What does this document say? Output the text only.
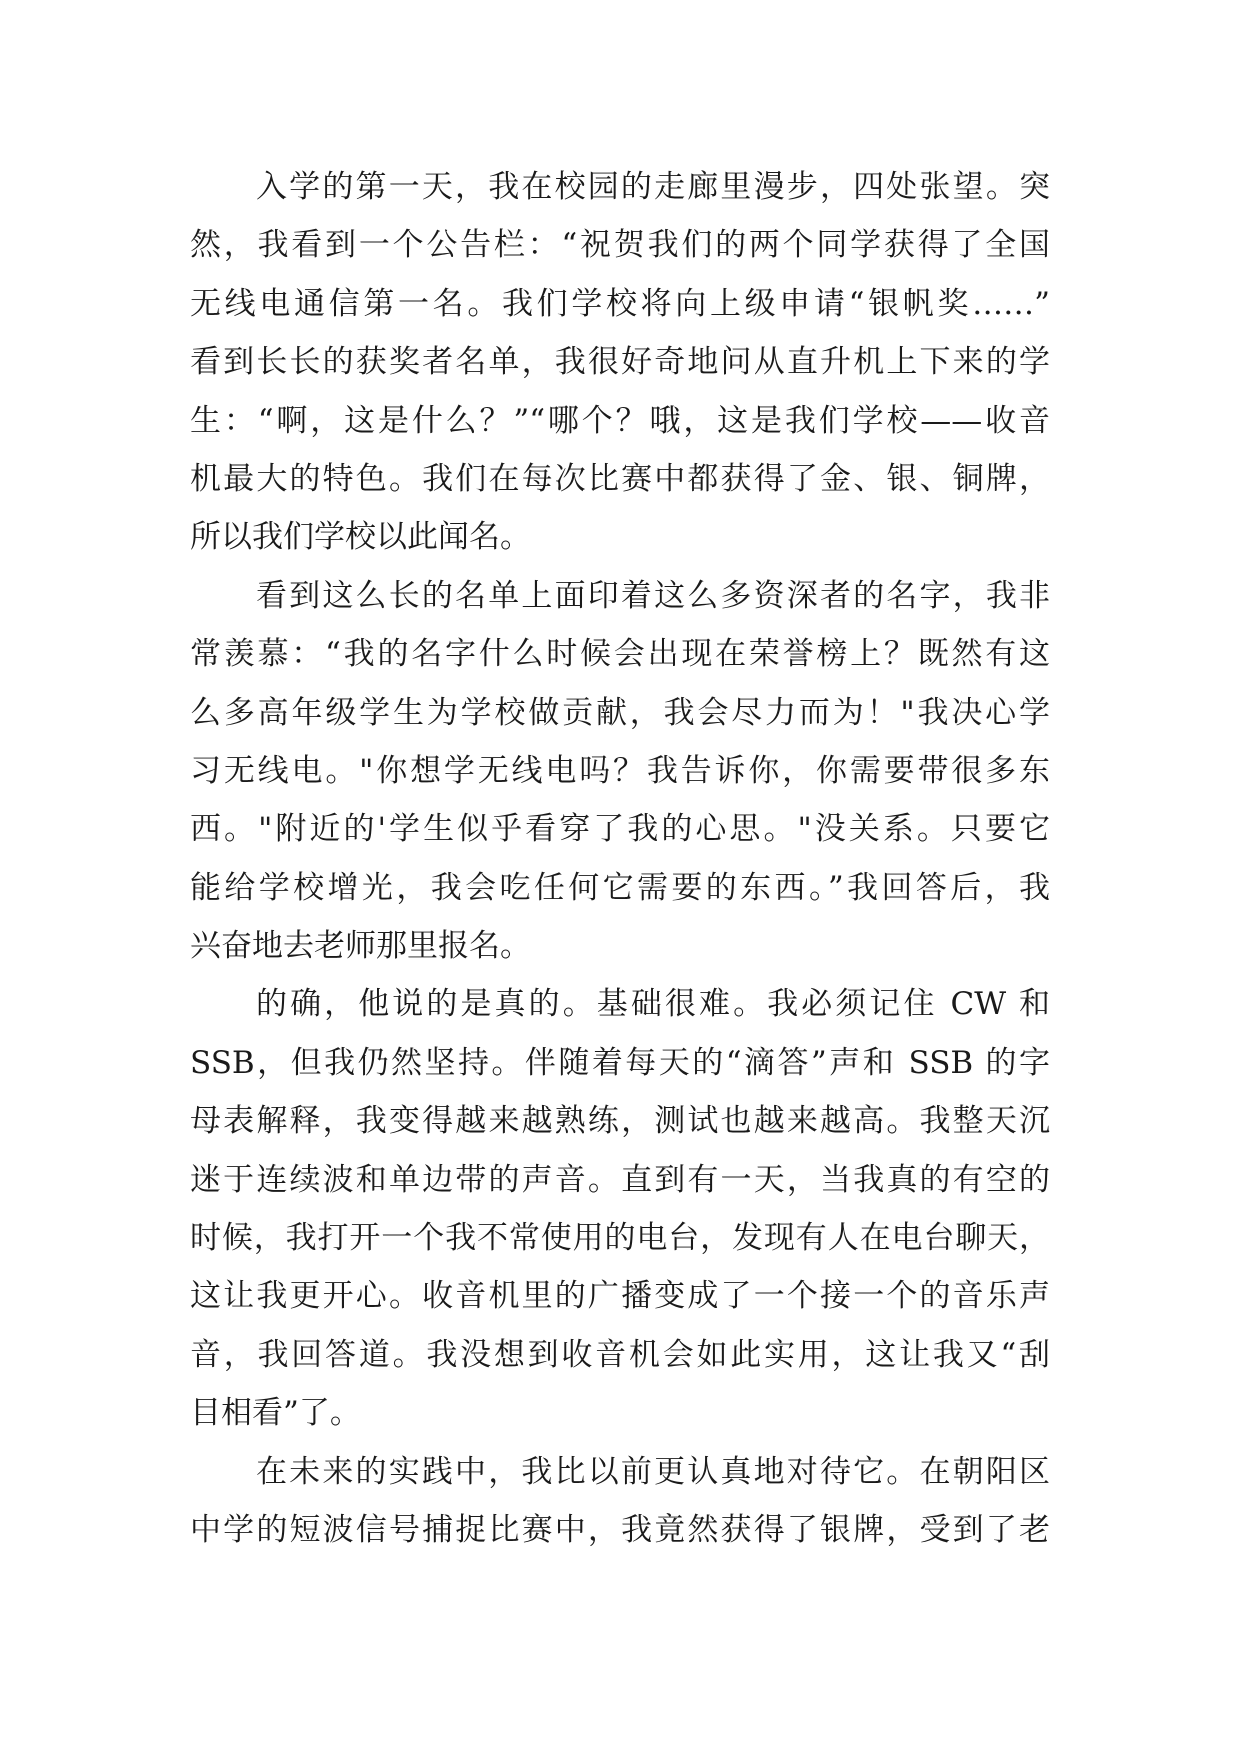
入学的第一天，我在校园的走廊里漫步，四处张望。突
然，我看到一个公告栏：“祝贺我们的两个同学获得了全国
无线电通信第一名。我们学校将向上级申请“银帆奖……”
看到长长的获奖者名单，我很好奇地问从直升机上下来的学
生：“啊，这是什么？”“哪个？哦，这是我们学校——收音
机最大的特色。我们在每次比赛中都获得了金、银、铜牌，
所以我们学校以此闻名。
看到这么长的名单上面印着这么多资深者的名字，我非
常羡慕：“我的名字什么时候会出现在荣誉榜上？既然有这
么多高年级学生为学校做贡献，我会尽力而为！"我决心学
习无线电。"你想学无线电吗？我告诉你，你需要带很多东
西。"附近的'学生似乎看穿了我的心思。"没关系。只要它
能给学校增光，我会吃任何它需要的东西。”我回答后，我
兴奋地去老师那里报名。
的确，他说的是真的。基础很难。我必须记住 CW 和
SSB，但我仍然坚持。伴随着每天的“滴答”声和 SSB 的字
母表解释，我变得越来越熟练，测试也越来越高。我整天沉
迷于连续波和单边带的声音。直到有一天，当我真的有空的
时候，我打开一个我不常使用的电台，发现有人在电台聊天，
这让我更开心。收音机里的广播变成了一个接一个的音乐声
音，我回答道。我没想到收音机会如此实用，这让我又“刮
目相看”了。
在未来的实践中，我比以前更认真地对待它。在朝阳区
中学的短波信号捕捉比赛中，我竟然获得了银牌，受到了老
